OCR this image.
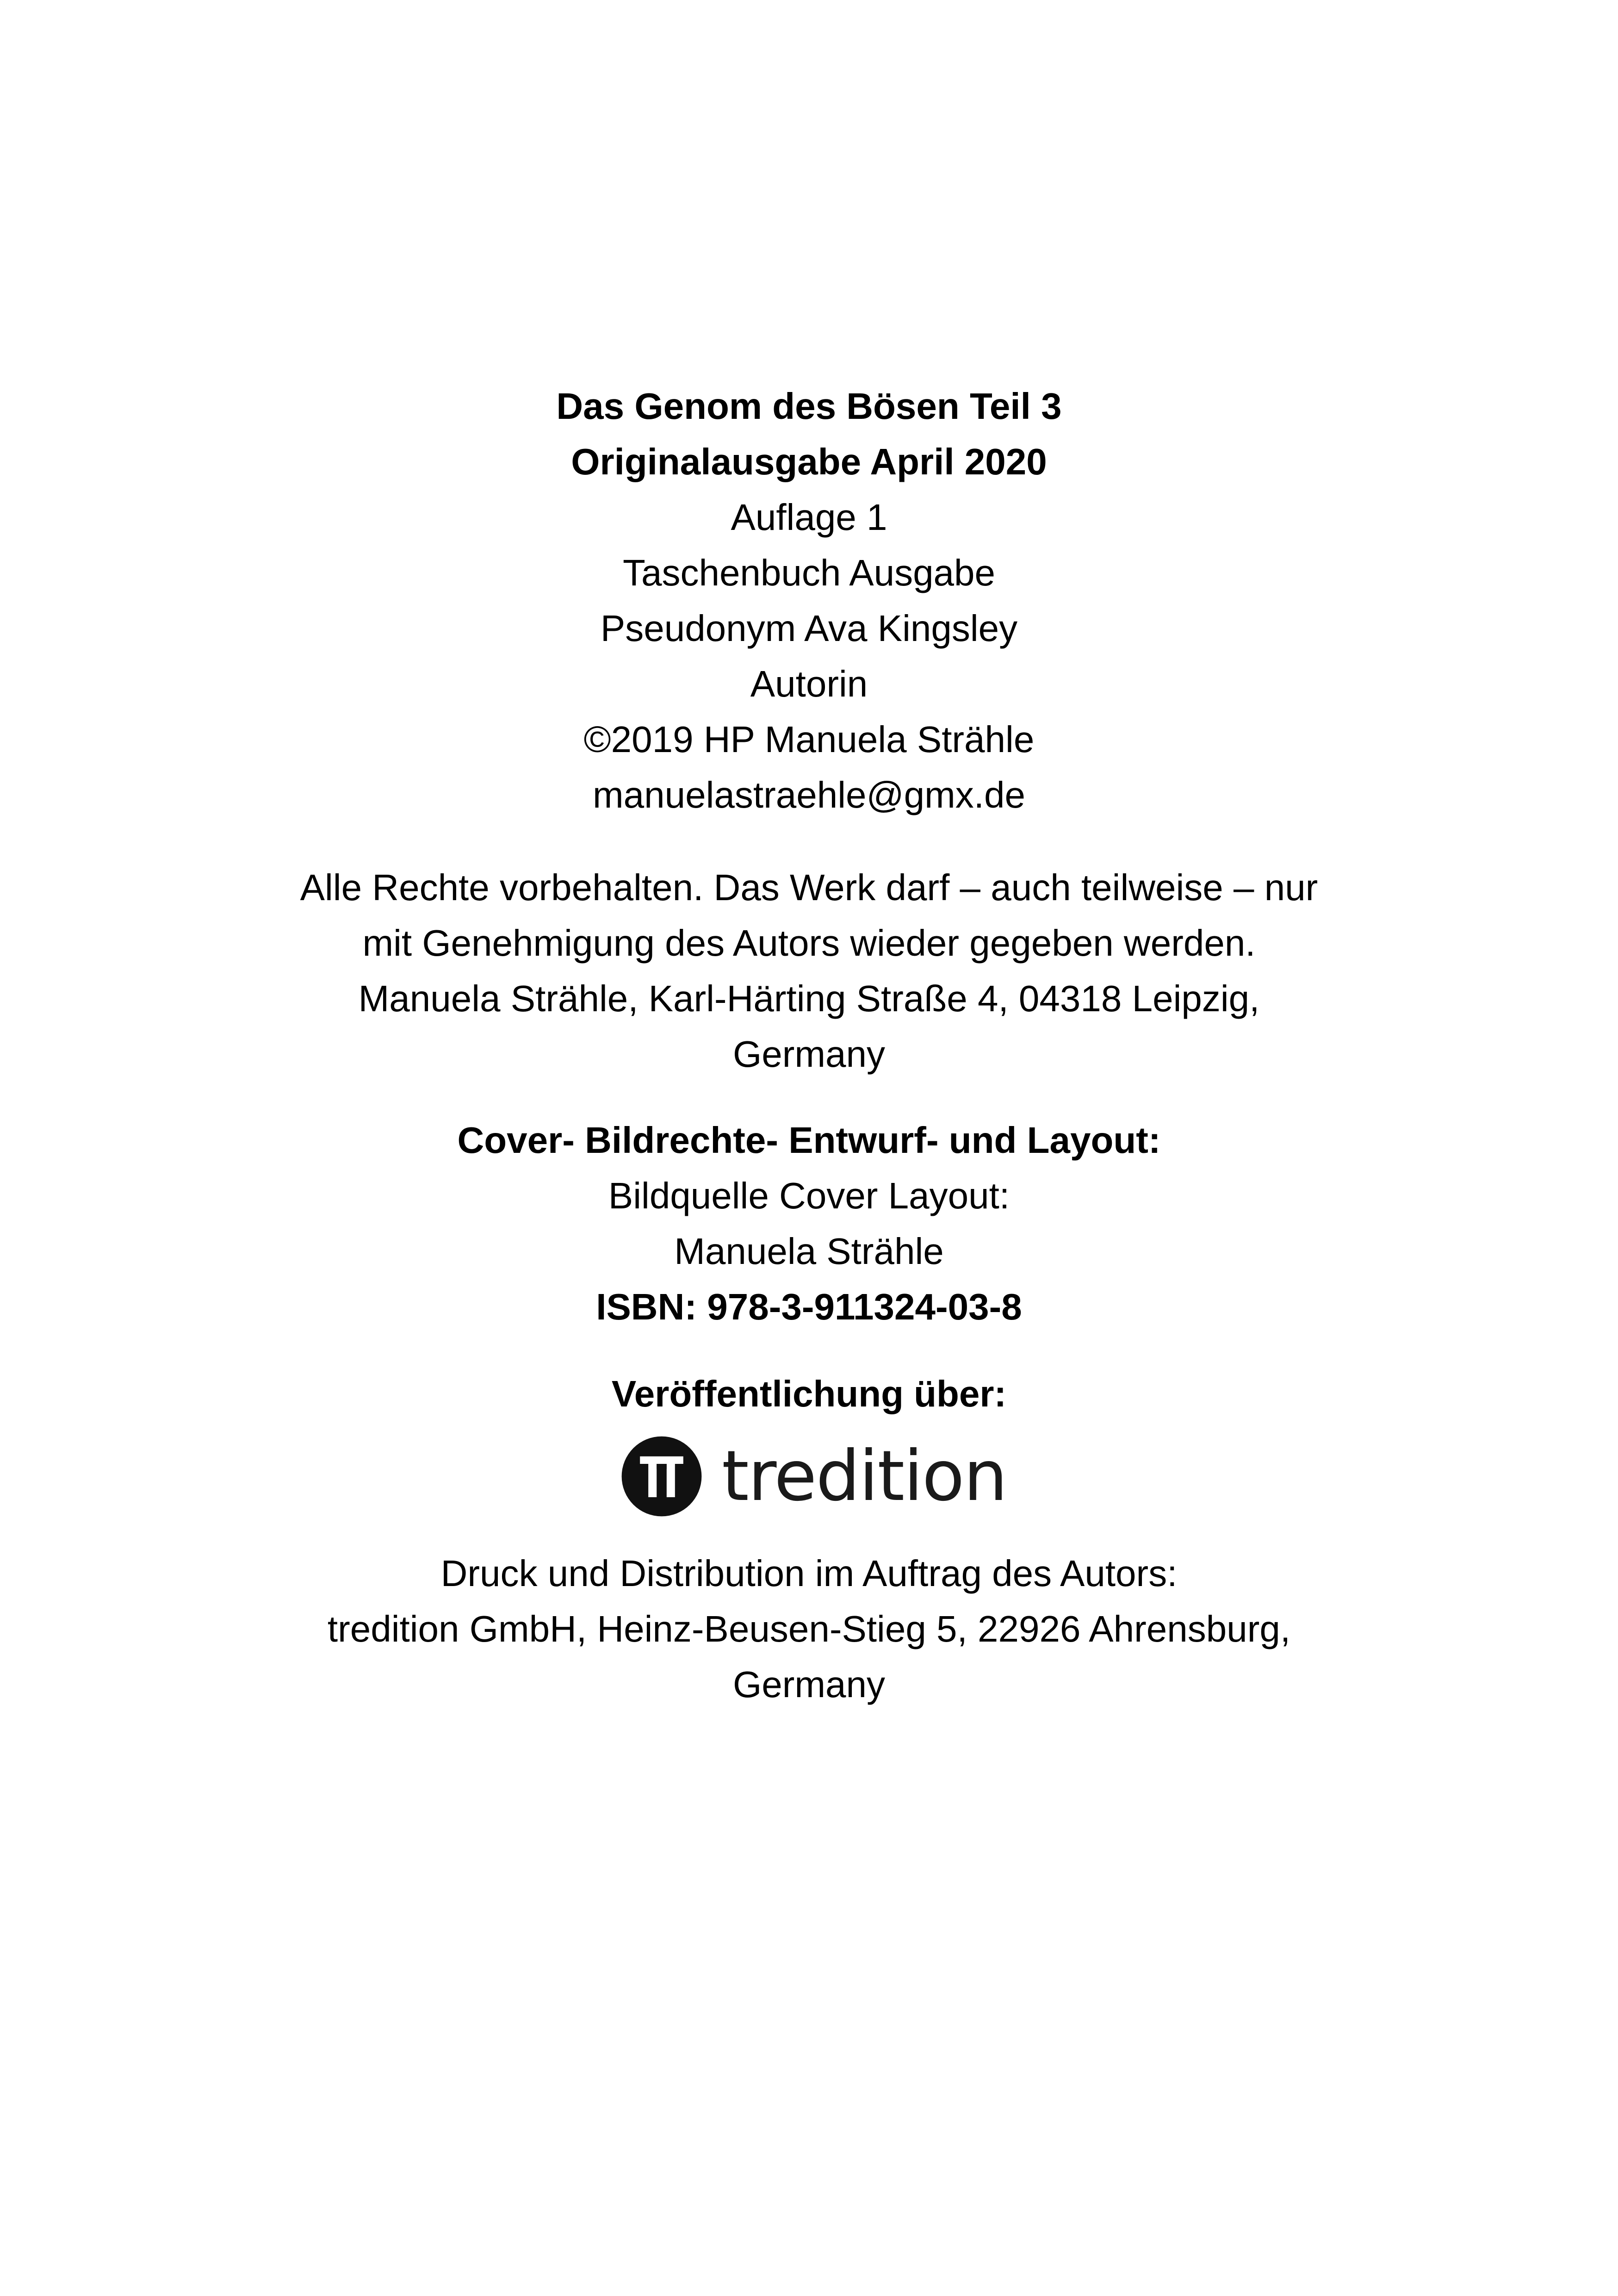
Das Genom des Bösen Teil 3
Originalausgabe April 2020
Auflage 1
Taschenbuch Ausgabe
Pseudonym Ava Kingsley
Autorin
©2019 HP Manuela Strähle
manuelastraehle@gmx.de
Alle Rechte vorbehalten. Das Werk darf – auch teilweise – nur
mit Genehmigung des Autors wieder gegeben werden.
Manuela Strähle, Karl-Härting Straße 4, 04318 Leipzig,
Germany
Cover- Bildrechte- Entwurf- und Layout:
Bildquelle Cover Layout:
Manuela Strähle
ISBN: 978-3-911324-03-8
Veröffentlichung über:
tredition
Druck und Distribution im Auftrag des Autors:
tredition GmbH, Heinz-Beusen-Stieg 5, 22926 Ahrensburg,
Germany
